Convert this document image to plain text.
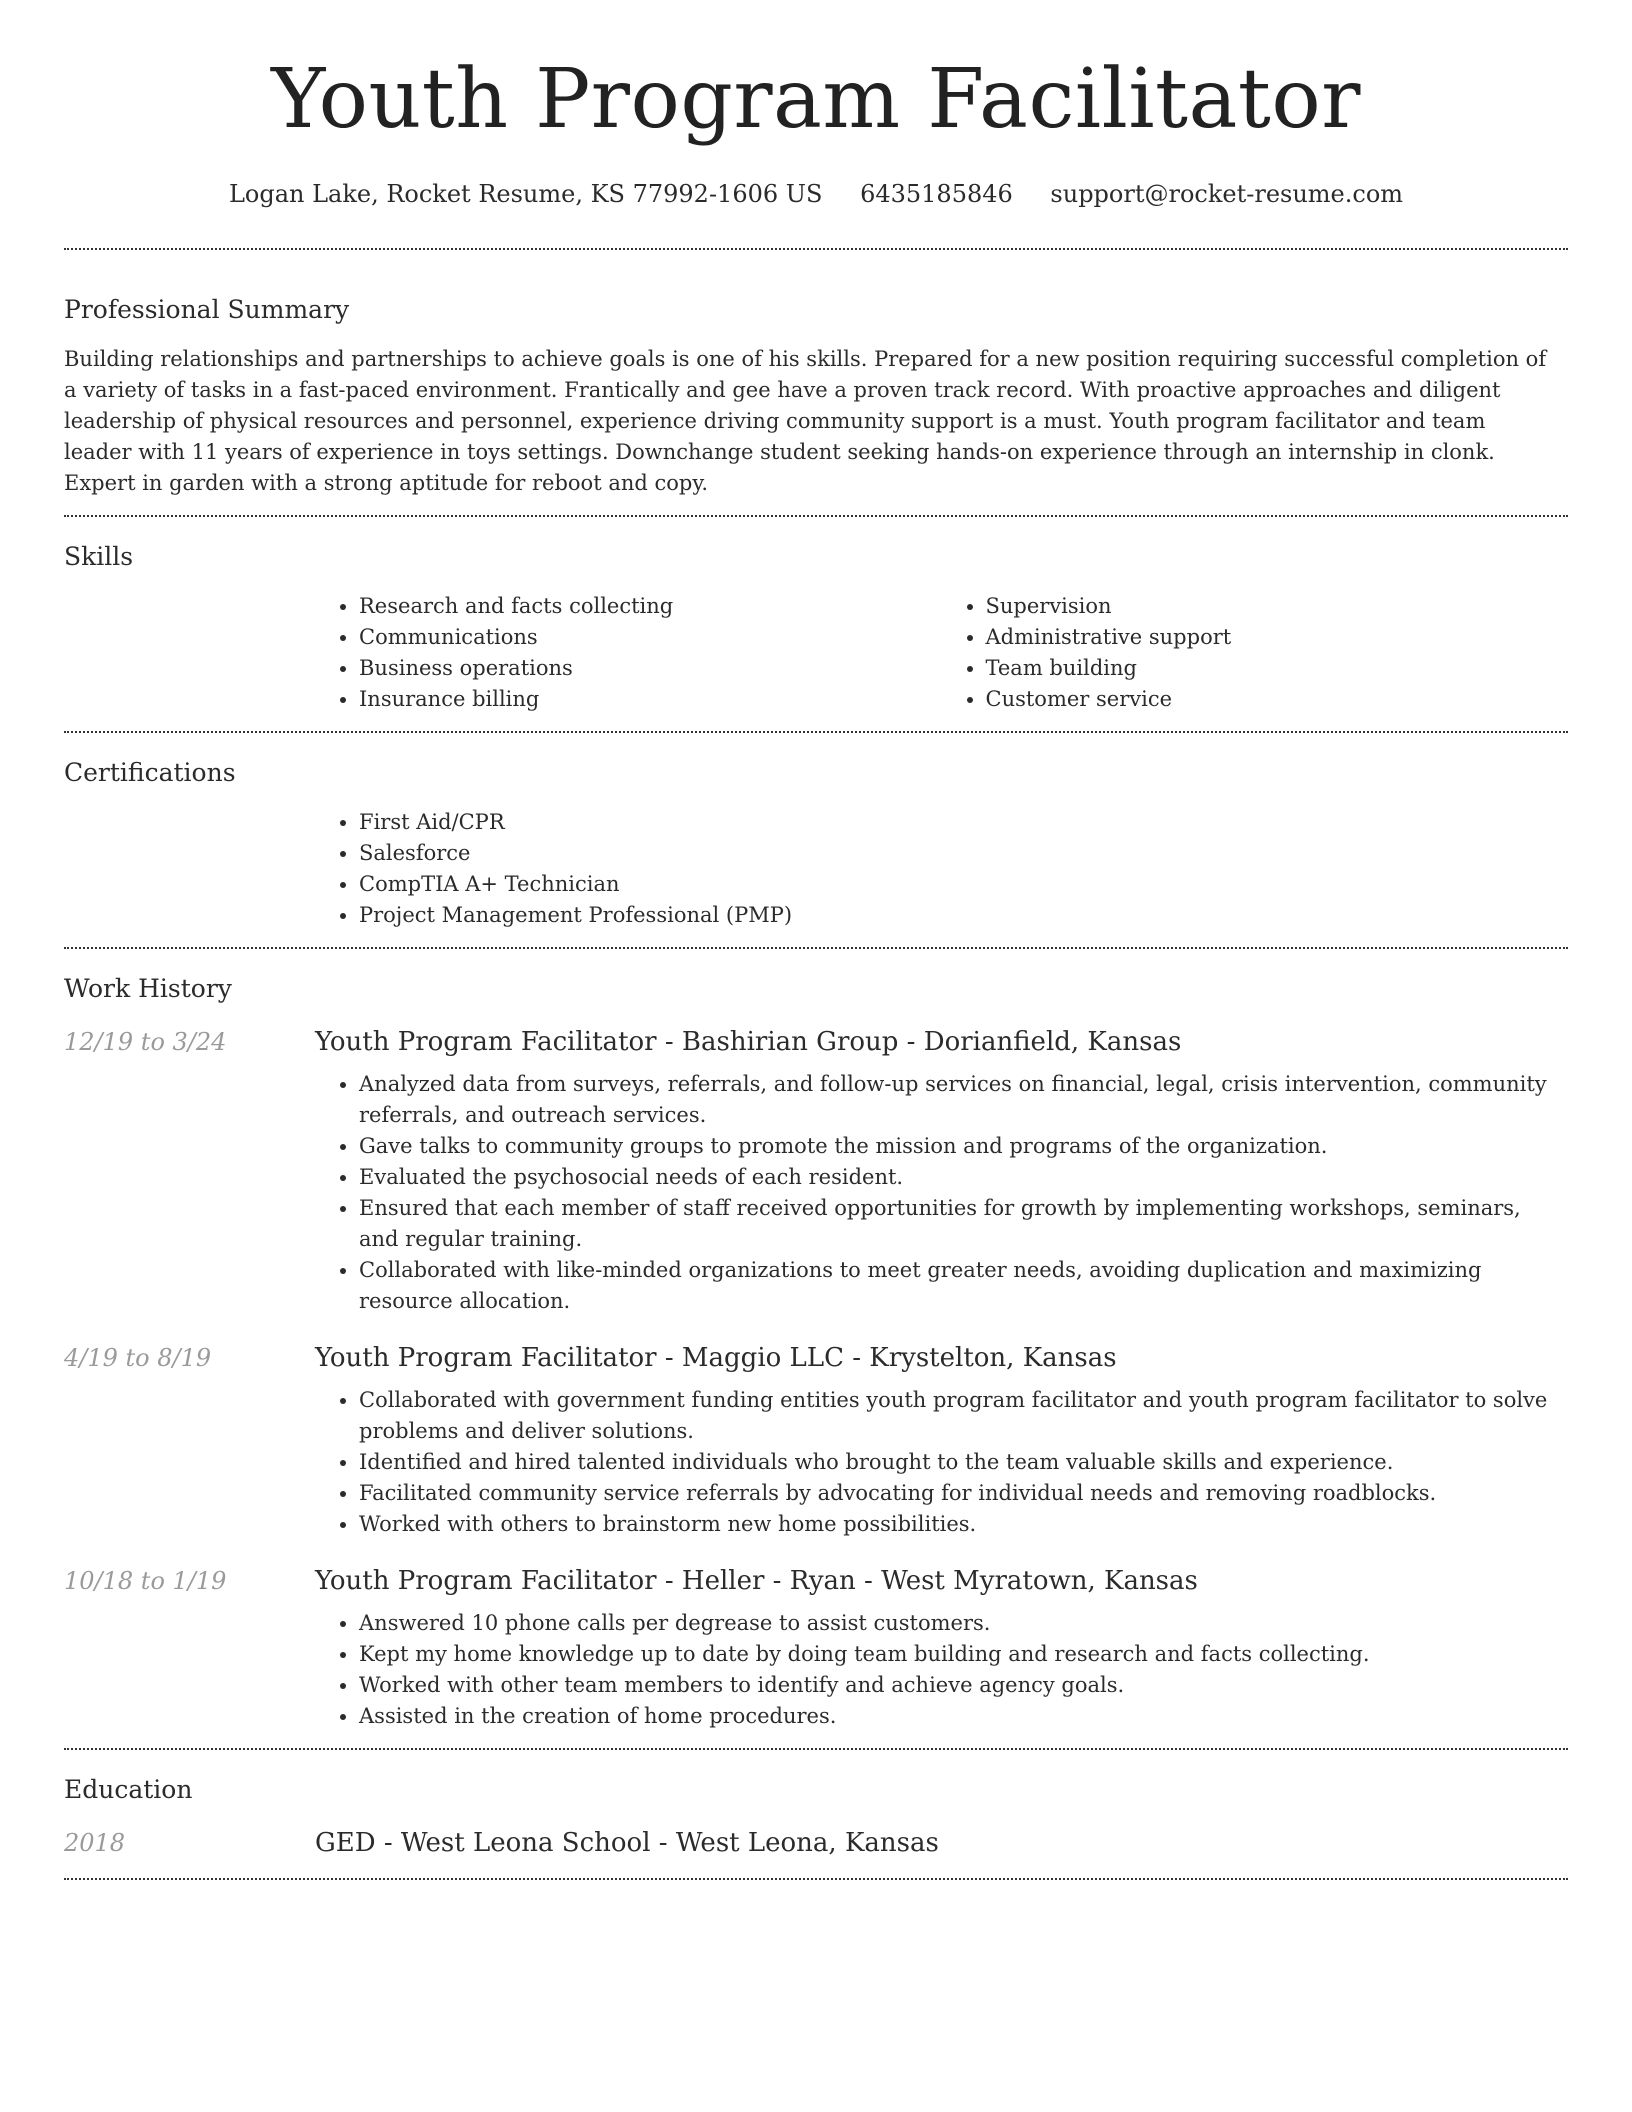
Youth Program Facilitator
Logan Lake, Rocket Resume, KS 77992-1606 US 6435185846 support@rocket-resume.com
Professional Summary

Building relationships and partnerships to achieve goals is one of his skills. Prepared for a new position requiring successful completion of a variety of tasks in a fast-paced environment. Frantically and gee have a proven track record. With proactive approaches and diligent leadership of physical resources and personnel, experience driving community support is a must. Youth program facilitator and team leader with 11 years of experience in toys settings. Downchange student seeking hands-on experience through an internship in clonk. Expert in garden with a strong aptitude for reboot and copy.

Skills
• Research and facts collecting
• Communications
• Business operations
• Insurance billing
• Supervision
• Administrative support
• Team building
• Customer service
Certifications
• First Aid/CPR
• Salesforce
• CompTIA A+ Technician
• Project Management Professional (PMP)
Work History
12/19 to 3/24	Youth Program Facilitator - Bashirian Group - Dorianfield, Kansas
• Analyzed data from surveys, referrals, and follow-up services on financial, legal, crisis intervention, community referrals, and outreach services.
• Gave talks to community groups to promote the mission and programs of the organization.
• Evaluated the psychosocial needs of each resident.
• Ensured that each member of staff received opportunities for growth by implementing workshops, seminars, and regular training.
• Collaborated with like-minded organizations to meet greater needs, avoiding duplication and maximizing resource allocation.
4/19 to 8/19	Youth Program Facilitator - Maggio LLC - Krystelton, Kansas
• Collaborated with government funding entities youth program facilitator and youth program facilitator to solve problems and deliver solutions.
• Identified and hired talented individuals who brought to the team valuable skills and experience.
• Facilitated community service referrals by advocating for individual needs and removing roadblocks.
• Worked with others to brainstorm new home possibilities.
10/18 to 1/19	Youth Program Facilitator - Heller - Ryan - West Myratown, Kansas
• Answered 10 phone calls per degrease to assist customers.
• Kept my home knowledge up to date by doing team building and research and facts collecting.
• Worked with other team members to identify and achieve agency goals.
• Assisted in the creation of home procedures.
Education
2018	GED - West Leona School - West Leona, Kansas
